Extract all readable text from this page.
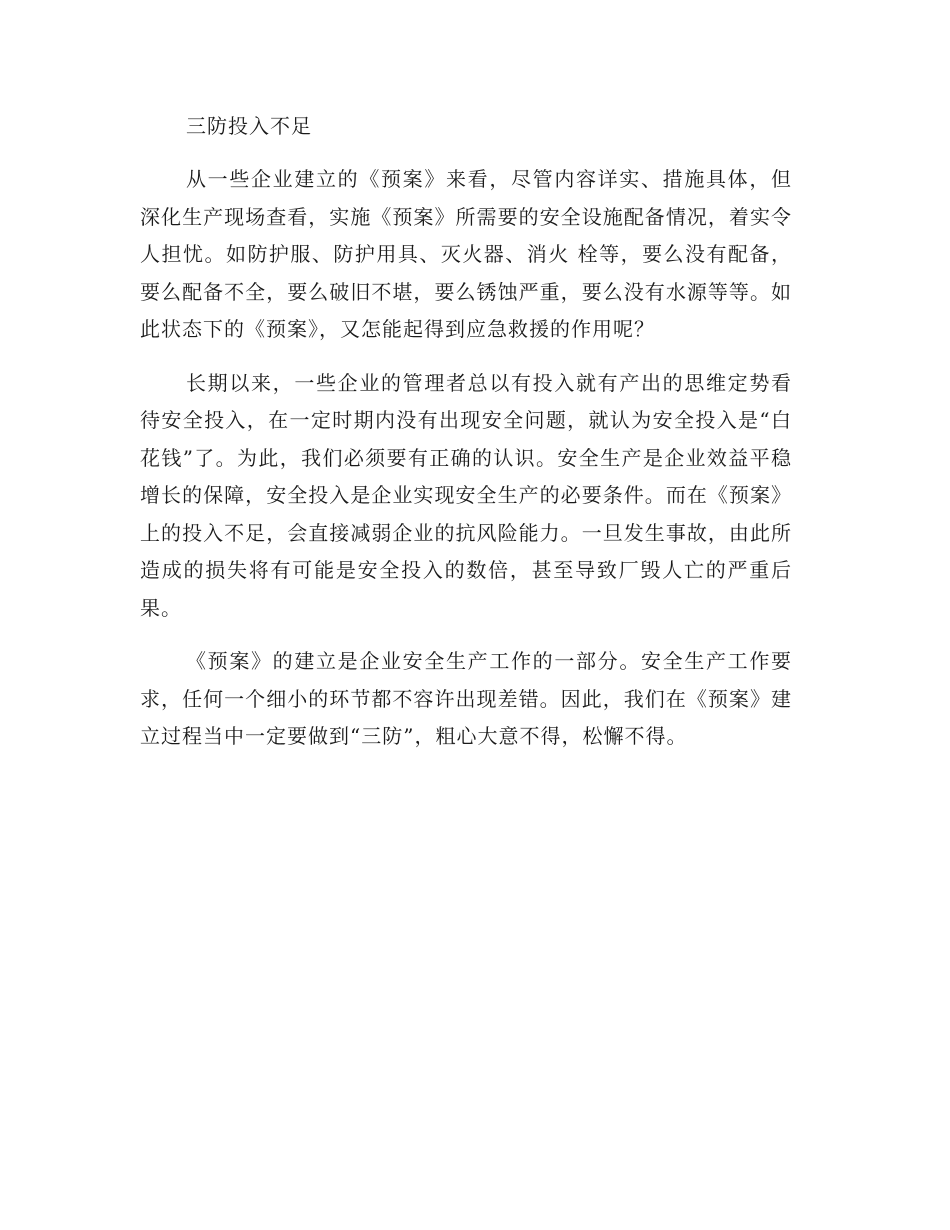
三防投入不足

从一些企业建立的《预案》来看，尽管内容详实、措施具体，但深化生产现场查看，实施《预案》所需要的安全设施配备情况，着实令人担忧。如防护服、防护用具、灭火器、消火 栓等，要么没有配备，要么配备不全，要么破旧不堪，要么锈蚀严重，要么没有水源等等。如此状态下的《预案》，又怎能起得到应急救援的作用呢？

长期以来，一些企业的管理者总以有投入就有产出的思维定势看待安全投入，在一定时期内没有出现安全问题，就认为安全投入是“白花钱”了。为此，我们必须要有正确的认识。安全生产是企业效益平稳增长的保障，安全投入是企业实现安全生产的必要条件。而在《预案》上的投入不足，会直接减弱企业的抗风险能力。一旦发生事故，由此所造成的损失将有可能是安全投入的数倍，甚至导致厂毁人亡的严重后果。

《预案》的建立是企业安全生产工作的一部分。安全生产工作要求，任何一个细小的环节都不容许出现差错。因此，我们在《预案》建立过程当中一定要做到“三防”，粗心大意不得，松懈不得。
